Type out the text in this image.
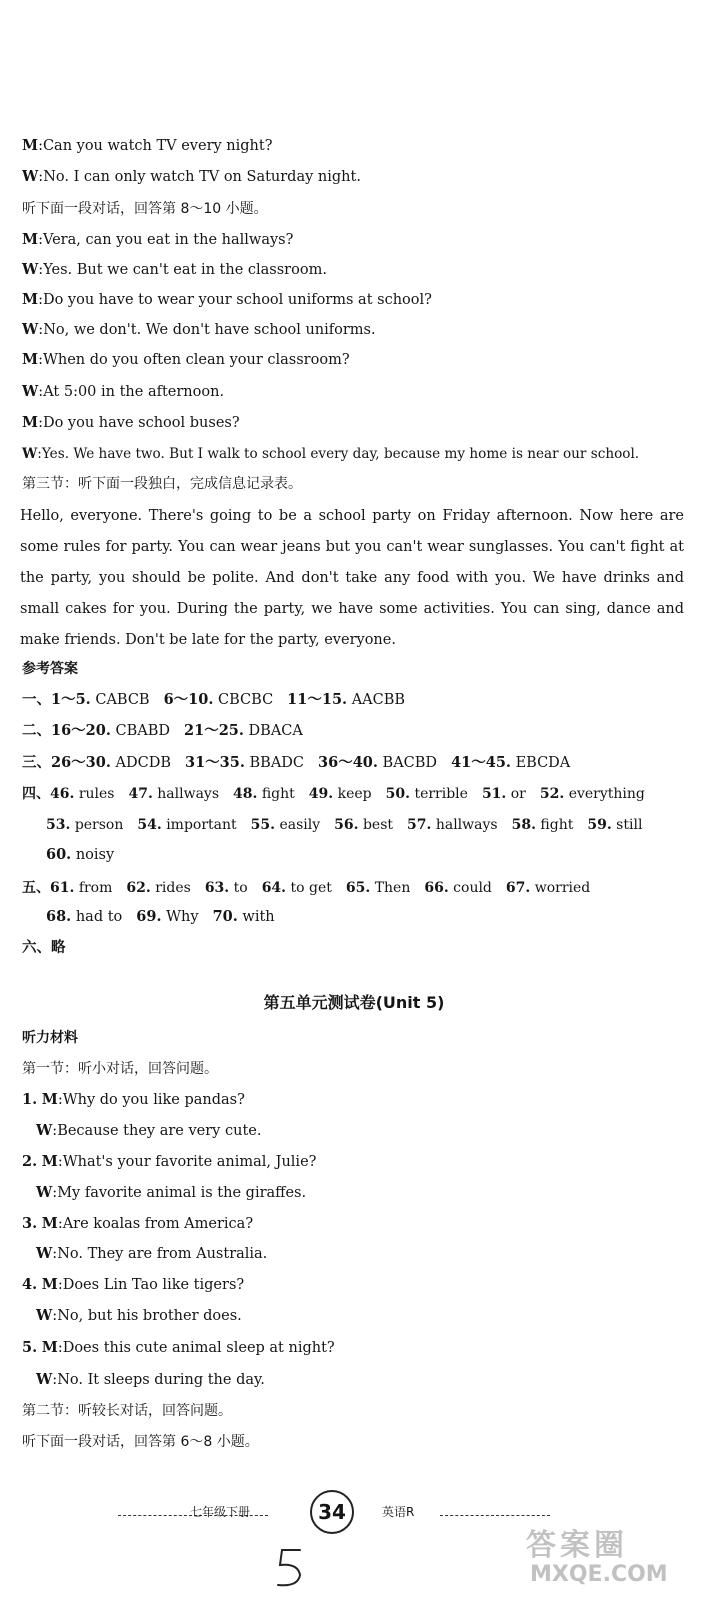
M:Can you watch TV every night?
W:No. I can only watch TV on Saturday night.
听下面一段对话，回答第 8～10 小题。
M:Vera, can you eat in the hallways?
W:Yes. But we can't eat in the classroom.
M:Do you have to wear your school uniforms at school?
W:No, we don't. We don't have school uniforms.
M:When do you often clean your classroom?
W:At 5:00 in the afternoon.
M:Do you have school buses?
W:Yes. We have two. But I walk to school every day, because my home is near our school.
第三节：听下面一段独白，完成信息记录表。
Hello, everyone. There's going to be a school party on Friday afternoon. Now here are some rules for party. You can wear jeans but you can't wear sunglasses. You can't fight at the party, you should be polite. And don't take any food with you. We have drinks and small cakes for you. During the party, we have some activities. You can sing, dance and make friends. Don't be late for the party, everyone.
参考答案
一、1～5. CABCB 6～10. CBCBC 11～15. AACBB
二、16～20. CBABD 21～25. DBACA
三、26～30. ADCDB 31～35. BBADC 36～40. BACBD 41～45. EBCDA
四、46. rules 47. hallways 48. fight 49. keep 50. terrible 51. or 52. everything
53. person 54. important 55. easily 56. best 57. hallways 58. fight 59. still
60. noisy
五、61. from 62. rides 63. to 64. to get 65. Then 66. could 67. worried
68. had to 69. Why 70. with
六、略
第五单元测试卷(Unit 5)
听力材料
第一节：听小对话，回答问题。
1. M:Why do you like pandas?
W:Because they are very cute.
2. M:What's your favorite animal, Julie?
W:My favorite animal is the giraffes.
3. M:Are koalas from America?
W:No. They are from Australia.
4. M:Does Lin Tao like tigers?
W:No, but his brother does.
5. M:Does this cute animal sleep at night?
W:No. It sleeps during the day.
第二节：听较长对话，回答问题。
听下面一段对话，回答第 6～8 小题。
七年级下册	34	英语R
答案圈
MXQE.COM
